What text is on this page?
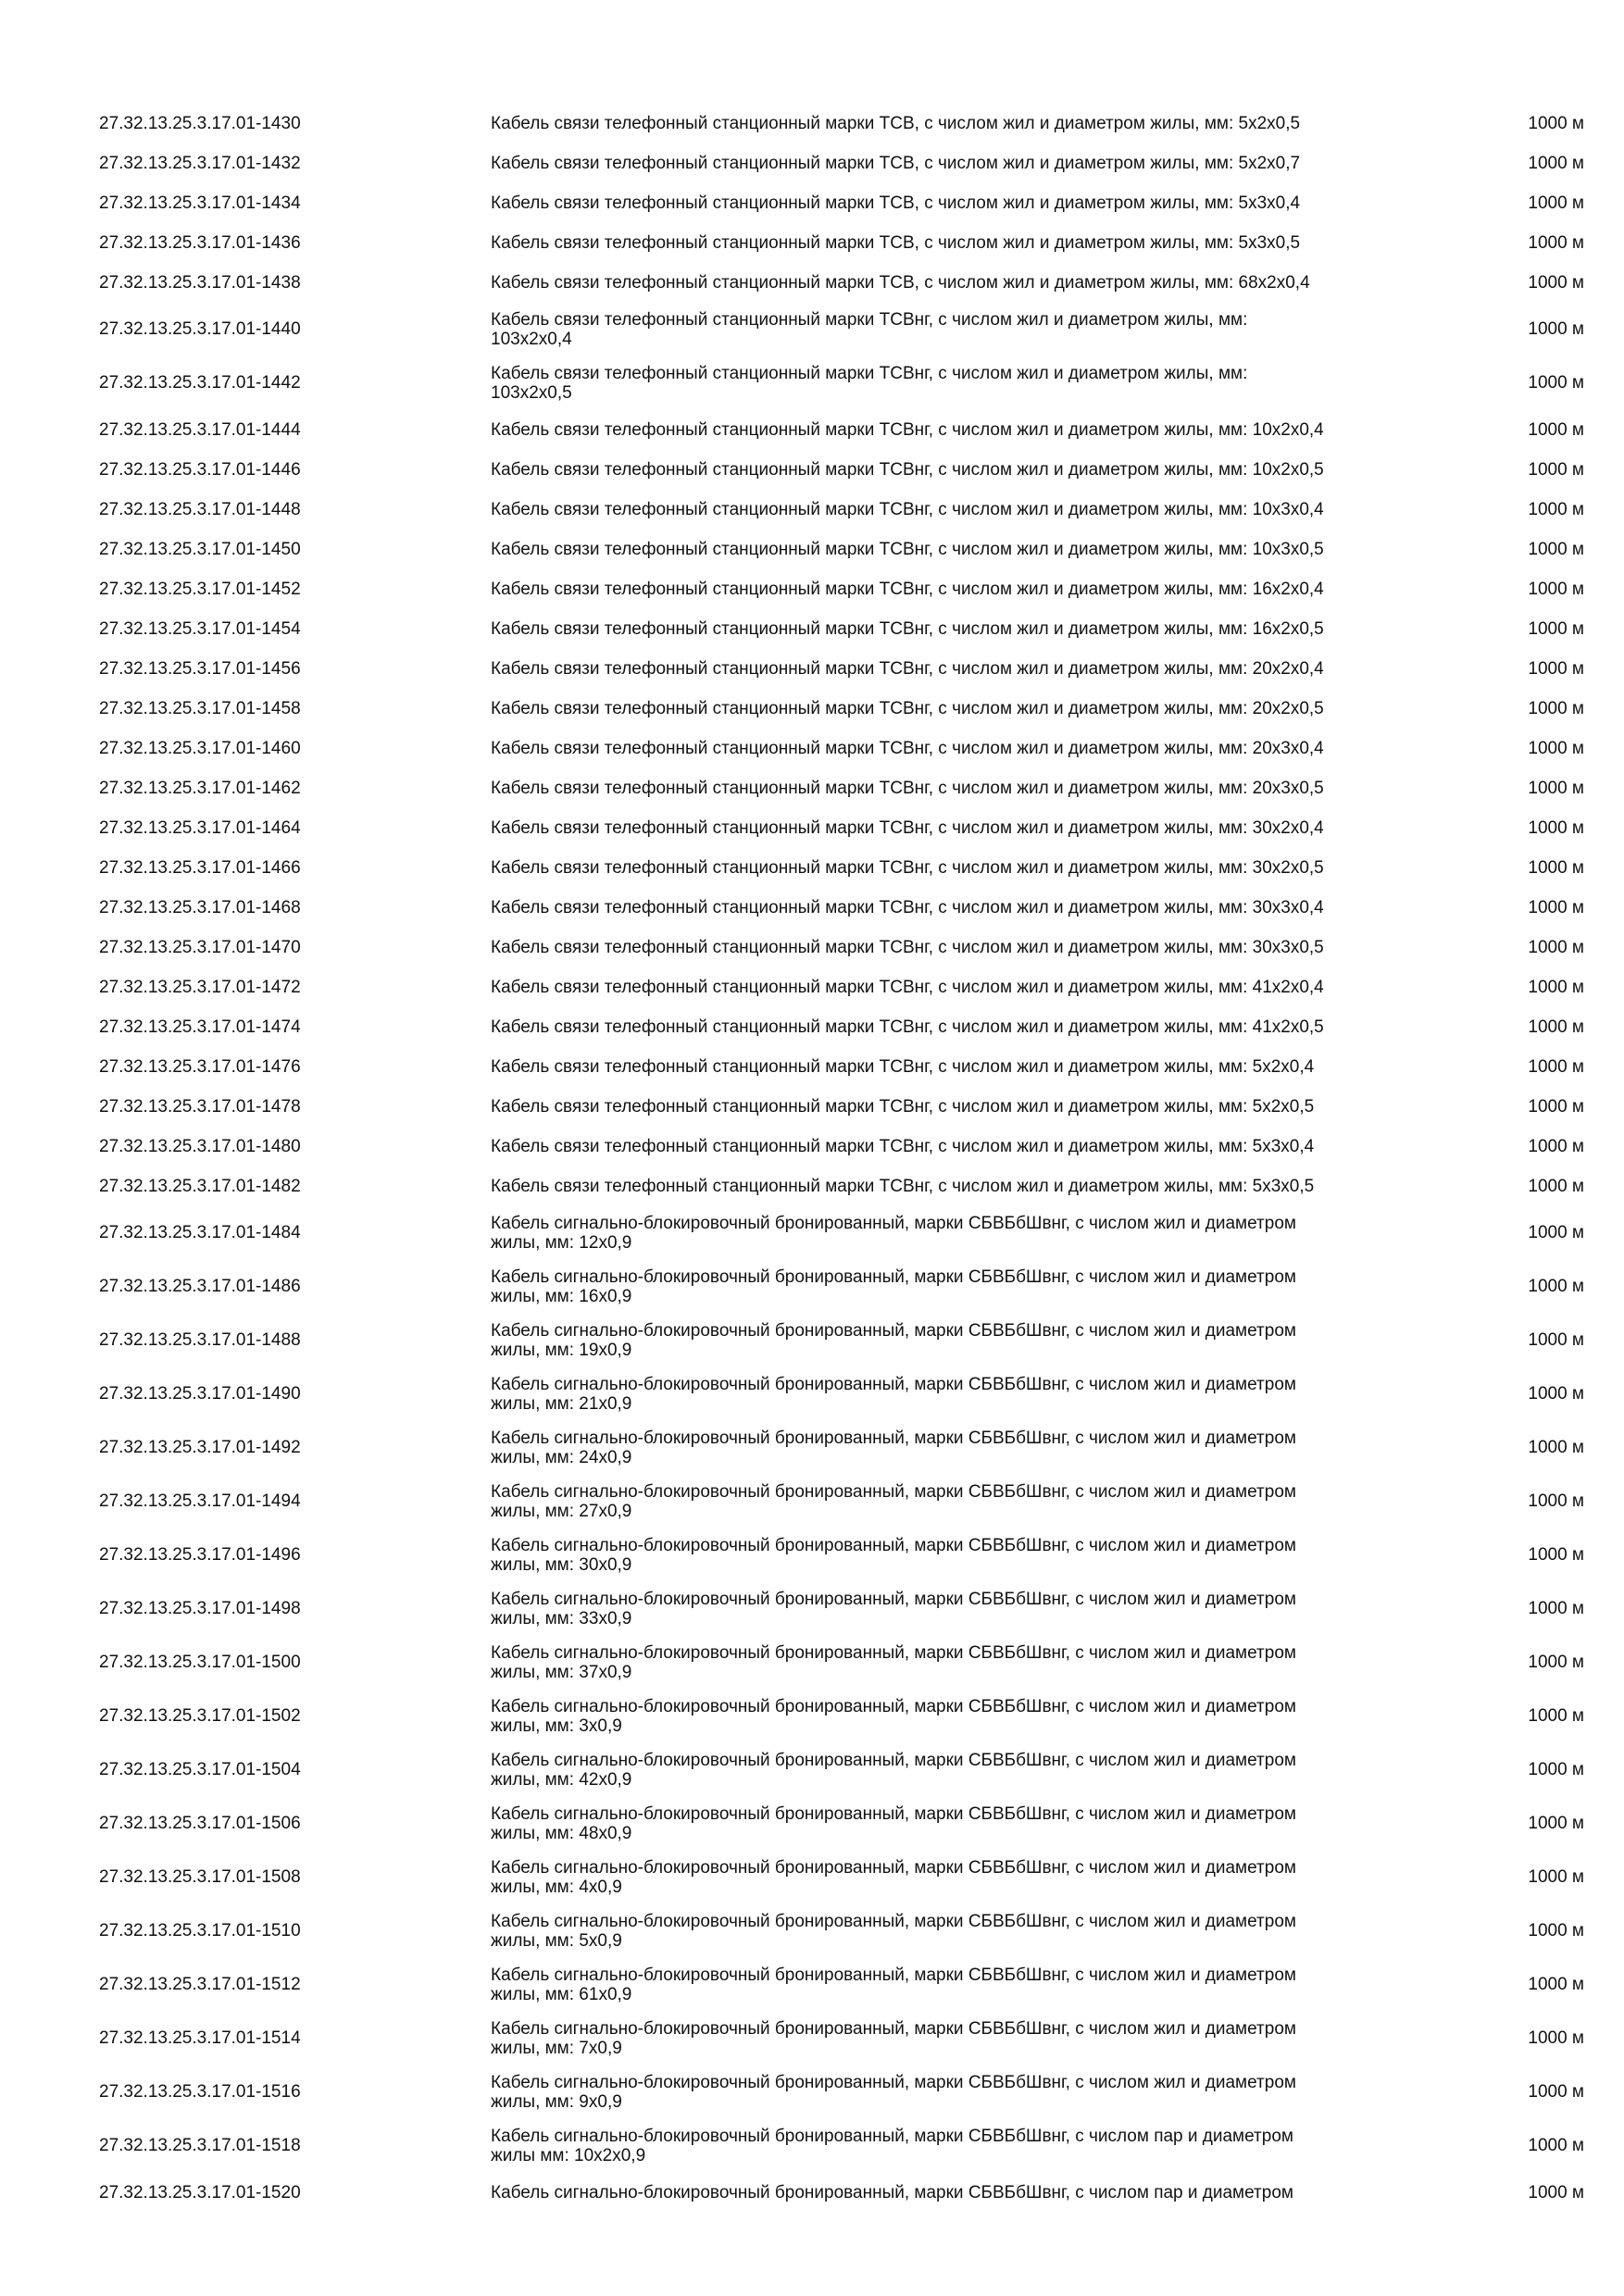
27.32.13.25.3.17.01-1430	Кабель связи телефонный станционный марки ТСВ, с числом жил и диаметром жилы, мм: 5x2x0,5	1000 м
27.32.13.25.3.17.01-1432	Кабель связи телефонный станционный марки ТСВ, с числом жил и диаметром жилы, мм: 5x2x0,7	1000 м
27.32.13.25.3.17.01-1434	Кабель связи телефонный станционный марки ТСВ, с числом жил и диаметром жилы, мм: 5x3x0,4	1000 м
27.32.13.25.3.17.01-1436	Кабель связи телефонный станционный марки ТСВ, с числом жил и диаметром жилы, мм: 5x3x0,5	1000 м
27.32.13.25.3.17.01-1438	Кабель связи телефонный станционный марки ТСВ, с числом жил и диаметром жилы, мм: 68x2x0,4	1000 м
27.32.13.25.3.17.01-1440	Кабель связи телефонный станционный марки ТСВнг, с числом жил и диаметром жилы, мм:
103x2x0,4
1000 м
27.32.13.25.3.17.01-1442	Кабель связи телефонный станционный марки ТСВнг, с числом жил и диаметром жилы, мм:
103x2x0,5
1000 м
27.32.13.25.3.17.01-1444	Кабель связи телефонный станционный марки ТСВнг, с числом жил и диаметром жилы, мм: 10x2x0,4	1000 м
27.32.13.25.3.17.01-1446	Кабель связи телефонный станционный марки ТСВнг, с числом жил и диаметром жилы, мм: 10x2x0,5	1000 м
27.32.13.25.3.17.01-1448	Кабель связи телефонный станционный марки ТСВнг, с числом жил и диаметром жилы, мм: 10x3x0,4	1000 м
27.32.13.25.3.17.01-1450	Кабель связи телефонный станционный марки ТСВнг, с числом жил и диаметром жилы, мм: 10x3x0,5	1000 м
27.32.13.25.3.17.01-1452	Кабель связи телефонный станционный марки ТСВнг, с числом жил и диаметром жилы, мм: 16x2x0,4	1000 м
27.32.13.25.3.17.01-1454	Кабель связи телефонный станционный марки ТСВнг, с числом жил и диаметром жилы, мм: 16x2x0,5	1000 м
27.32.13.25.3.17.01-1456	Кабель связи телефонный станционный марки ТСВнг, с числом жил и диаметром жилы, мм: 20x2x0,4	1000 м
27.32.13.25.3.17.01-1458	Кабель связи телефонный станционный марки ТСВнг, с числом жил и диаметром жилы, мм: 20x2x0,5	1000 м
27.32.13.25.3.17.01-1460	Кабель связи телефонный станционный марки ТСВнг, с числом жил и диаметром жилы, мм: 20x3x0,4	1000 м
27.32.13.25.3.17.01-1462	Кабель связи телефонный станционный марки ТСВнг, с числом жил и диаметром жилы, мм: 20x3x0,5	1000 м
27.32.13.25.3.17.01-1464	Кабель связи телефонный станционный марки ТСВнг, с числом жил и диаметром жилы, мм: 30x2x0,4	1000 м
27.32.13.25.3.17.01-1466	Кабель связи телефонный станционный марки ТСВнг, с числом жил и диаметром жилы, мм: 30x2x0,5	1000 м
27.32.13.25.3.17.01-1468	Кабель связи телефонный станционный марки ТСВнг, с числом жил и диаметром жилы, мм: 30x3x0,4	1000 м
27.32.13.25.3.17.01-1470	Кабель связи телефонный станционный марки ТСВнг, с числом жил и диаметром жилы, мм: 30x3x0,5	1000 м
27.32.13.25.3.17.01-1472	Кабель связи телефонный станционный марки ТСВнг, с числом жил и диаметром жилы, мм: 41x2x0,4	1000 м
27.32.13.25.3.17.01-1474	Кабель связи телефонный станционный марки ТСВнг, с числом жил и диаметром жилы, мм: 41x2x0,5	1000 м
27.32.13.25.3.17.01-1476	Кабель связи телефонный станционный марки ТСВнг, с числом жил и диаметром жилы, мм: 5x2x0,4	1000 м
27.32.13.25.3.17.01-1478	Кабель связи телефонный станционный марки ТСВнг, с числом жил и диаметром жилы, мм: 5x2x0,5	1000 м
27.32.13.25.3.17.01-1480	Кабель связи телефонный станционный марки ТСВнг, с числом жил и диаметром жилы, мм: 5x3x0,4	1000 м
27.32.13.25.3.17.01-1482	Кабель связи телефонный станционный марки ТСВнг, с числом жил и диаметром жилы, мм: 5x3x0,5	1000 м
27.32.13.25.3.17.01-1484	Кабель сигнально-блокировочный бронированный, марки СБВБбШвнг, с числом жил и диаметром
жилы, мм: 12x0,9
1000 м
27.32.13.25.3.17.01-1486	Кабель сигнально-блокировочный бронированный, марки СБВБбШвнг, с числом жил и диаметром
жилы, мм: 16x0,9
1000 м
27.32.13.25.3.17.01-1488	Кабель сигнально-блокировочный бронированный, марки СБВБбШвнг, с числом жил и диаметром
жилы, мм: 19x0,9
1000 м
27.32.13.25.3.17.01-1490	Кабель сигнально-блокировочный бронированный, марки СБВБбШвнг, с числом жил и диаметром
жилы, мм: 21x0,9
1000 м
27.32.13.25.3.17.01-1492	Кабель сигнально-блокировочный бронированный, марки СБВБбШвнг, с числом жил и диаметром
жилы, мм: 24x0,9
1000 м
27.32.13.25.3.17.01-1494	Кабель сигнально-блокировочный бронированный, марки СБВБбШвнг, с числом жил и диаметром
жилы, мм: 27x0,9
1000 м
27.32.13.25.3.17.01-1496	Кабель сигнально-блокировочный бронированный, марки СБВБбШвнг, с числом жил и диаметром
жилы, мм: 30x0,9
1000 м
27.32.13.25.3.17.01-1498	Кабель сигнально-блокировочный бронированный, марки СБВБбШвнг, с числом жил и диаметром
жилы, мм: 33x0,9
1000 м
27.32.13.25.3.17.01-1500	Кабель сигнально-блокировочный бронированный, марки СБВБбШвнг, с числом жил и диаметром
жилы, мм: 37x0,9
1000 м
27.32.13.25.3.17.01-1502	Кабель сигнально-блокировочный бронированный, марки СБВБбШвнг, с числом жил и диаметром
жилы, мм: 3x0,9
1000 м
27.32.13.25.3.17.01-1504	Кабель сигнально-блокировочный бронированный, марки СБВБбШвнг, с числом жил и диаметром
жилы, мм: 42x0,9
1000 м
27.32.13.25.3.17.01-1506	Кабель сигнально-блокировочный бронированный, марки СБВБбШвнг, с числом жил и диаметром
жилы, мм: 48x0,9
1000 м
27.32.13.25.3.17.01-1508	Кабель сигнально-блокировочный бронированный, марки СБВБбШвнг, с числом жил и диаметром
жилы, мм: 4x0,9
1000 м
27.32.13.25.3.17.01-1510	Кабель сигнально-блокировочный бронированный, марки СБВБбШвнг, с числом жил и диаметром
жилы, мм: 5x0,9
1000 м
27.32.13.25.3.17.01-1512	Кабель сигнально-блокировочный бронированный, марки СБВБбШвнг, с числом жил и диаметром
жилы, мм: 61x0,9
1000 м
27.32.13.25.3.17.01-1514	Кабель сигнально-блокировочный бронированный, марки СБВБбШвнг, с числом жил и диаметром
жилы, мм: 7x0,9
1000 м
27.32.13.25.3.17.01-1516	Кабель сигнально-блокировочный бронированный, марки СБВБбШвнг, с числом жил и диаметром
жилы, мм: 9x0,9
1000 м
27.32.13.25.3.17.01-1518	Кабель сигнально-блокировочный бронированный, марки СБВБбШвнг, с числом пар и диаметром
жилы мм: 10x2x0,9
1000 м
27.32.13.25.3.17.01-1520	Кабель сигнально-блокировочный бронированный, марки СБВБбШвнг, с числом пар и диаметром	1000 м
